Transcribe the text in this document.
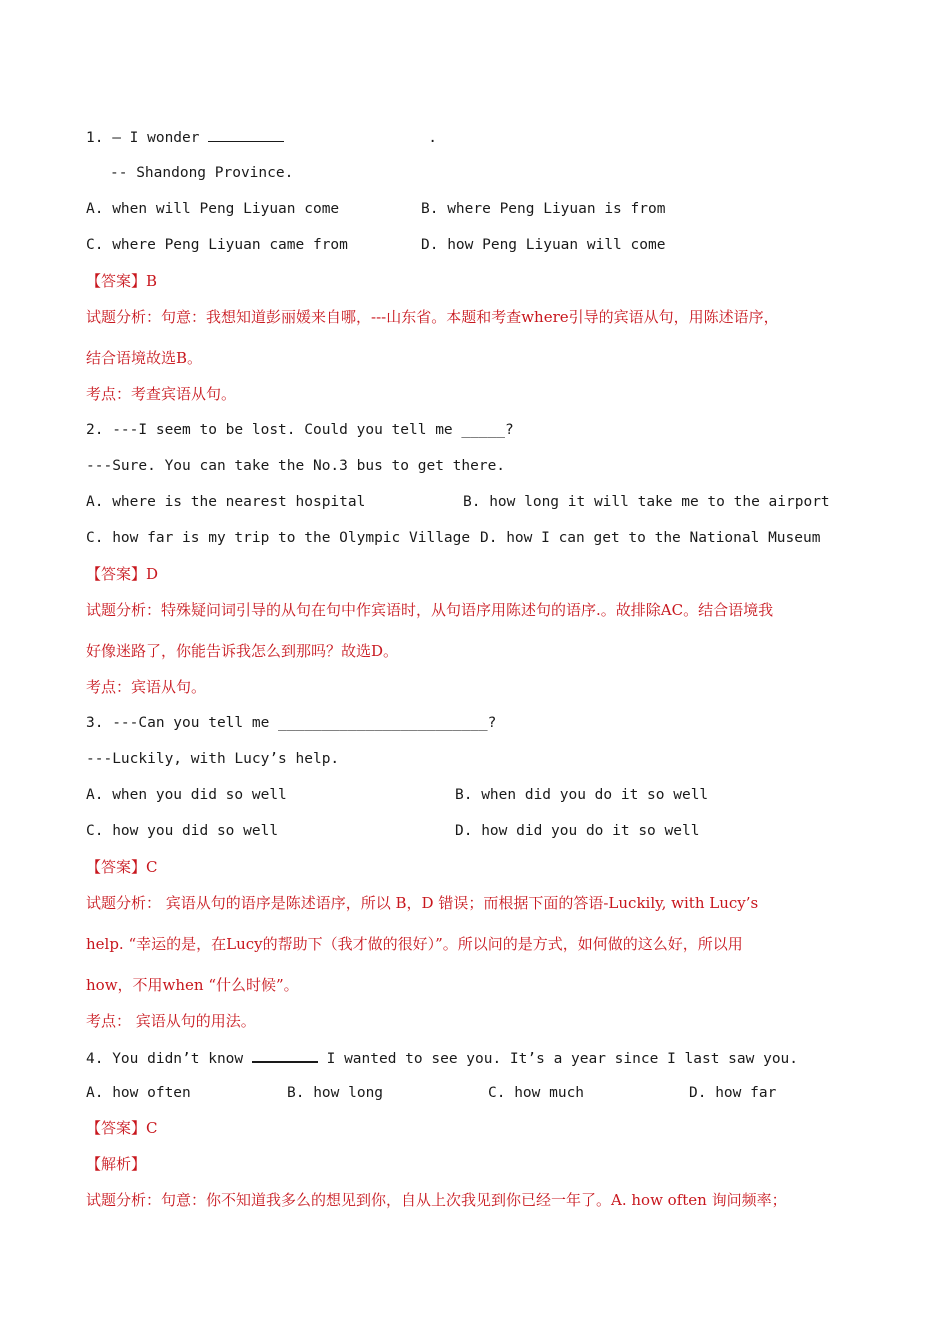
1. – I wonder	.
-- Shandong Province.
A. when will Peng Liyuan come	B. where Peng Liyuan is from
C. where Peng Liyuan came from	D. how Peng Liyuan will come
【答案】B
试题分析：句意：我想知道彭丽媛来自哪，---山东省。本题和考查where引导的宾语从句，用陈述语序，
结合语境故选B。
考点：考查宾语从句。
2. ---I seem to be lost. Could you tell me _____?
---Sure. You can take the No.3 bus to get there.
A. where is the nearest hospital	B. how long it will take me to the airport
C. how far is my trip to the Olympic Village D. how I can get to the National Museum
【答案】D
试题分析：特殊疑问词引导的从句在句中作宾语时，从句语序用陈述句的语序.。故排除AC。结合语境我
好像迷路了，你能告诉我怎么到那吗？故选D。
考点：宾语从句。
3. ---Can you tell me ________________________?
---Luckily, with Lucy’s help.
A. when you did so well	B. when did you do it so well
C. how you did so well	D. how did you do it so well
【答案】C
试题分析： 宾语从句的语序是陈述语序，所以 B，D 错误；而根据下面的答语-Luckily, with Lucy’s
help. “幸运的是，在Lucy的帮助下（我才做的很好）”。所以问的是方式，如何做的这么好，所以用
how，不用when “什么时候”。
考点： 宾语从句的用法。
4. You didn’t know	I wanted to see you. It’s a year since I last saw you.
A. how often	B. how long	C. how much	D. how far
【答案】C
【解析】
试题分析：句意：你不知道我多么的想见到你，自从上次我见到你已经一年了。A. how often 询问频率；
